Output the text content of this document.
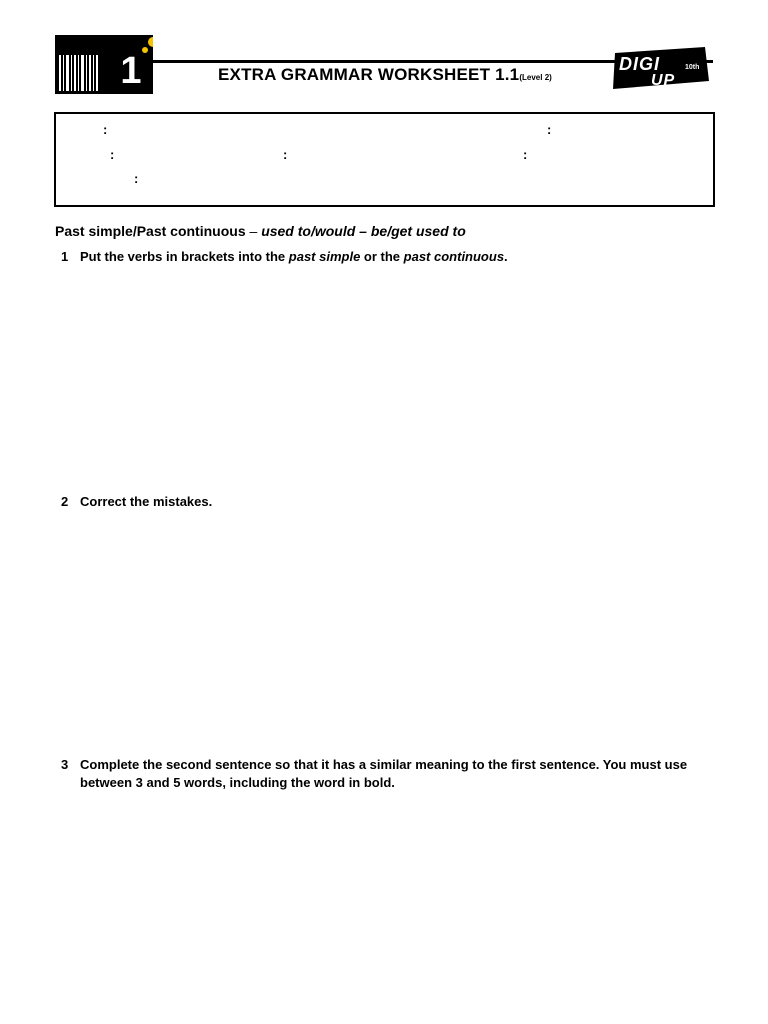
1	EXTRA GRAMMAR WORKSHEET 1.1(Level 2)
DIGI
UP
10th
:	:
:	:	:
:
Past simple/Past continuous – used to/would – be/get used to
1 Put the verbs in brackets into the past simple or the past continuous.
2 Correct the mistakes.
3 Complete the second sentence so that it has a similar meaning to the first sentence. You must use between 3 and 5 words, including the word in bold.
